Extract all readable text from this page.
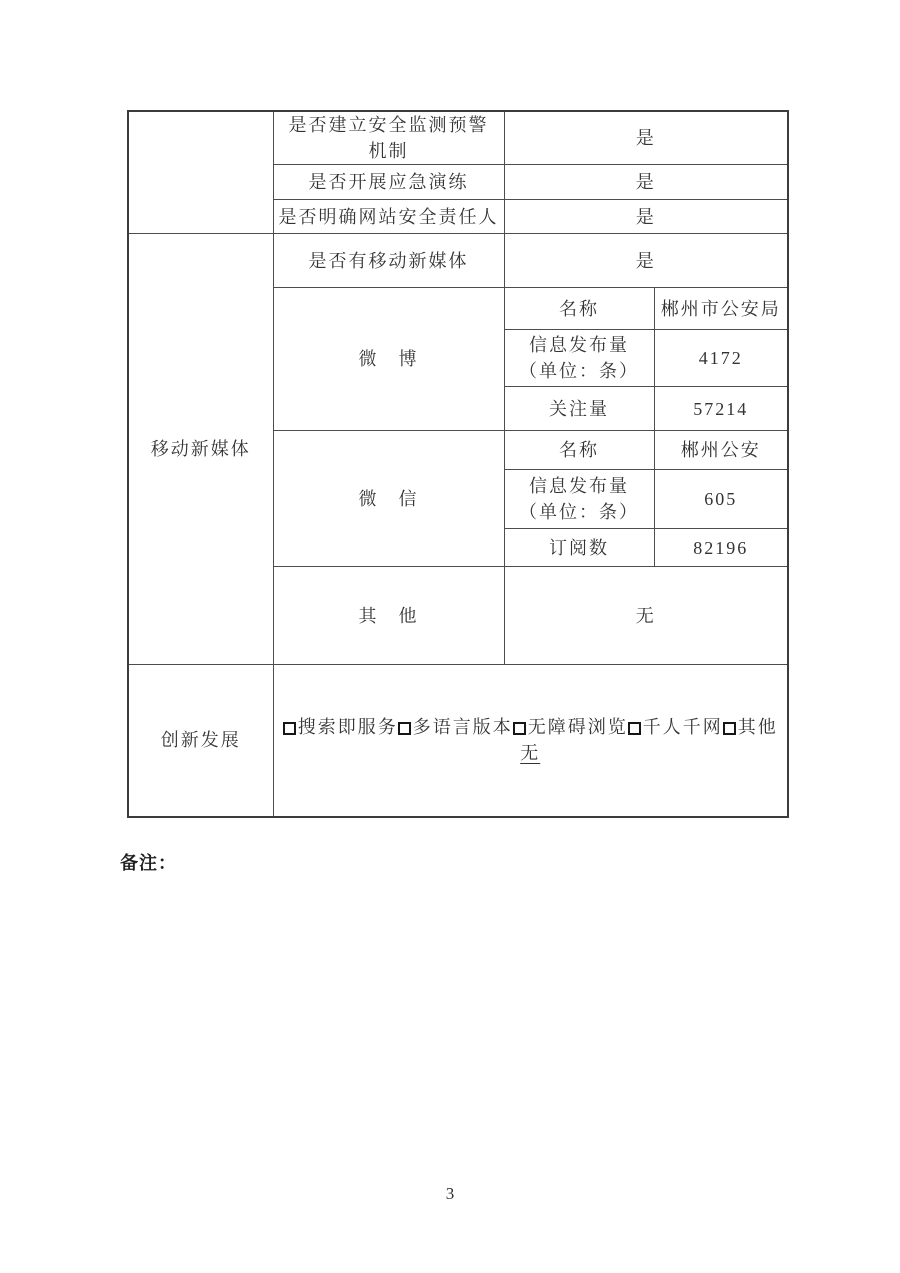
	是否建立安全监测预警
机制	是	
	是否开展应急演练	是	
	是否明确网站安全责任人	是	
移动新媒体	是否有移动新媒体	是	
	微　博	名称	郴州市公安局

		信息发布量
（单位：条）	4172
		关注量	57214
	微　信	名称	郴州公安

		信息发布量
（单位：条）	605
		订阅数	82196
	其　他	无	
创新发展	搜索即服务 多语言版本 无障碍浏览 千人千网 其他
无		
备注：
3
